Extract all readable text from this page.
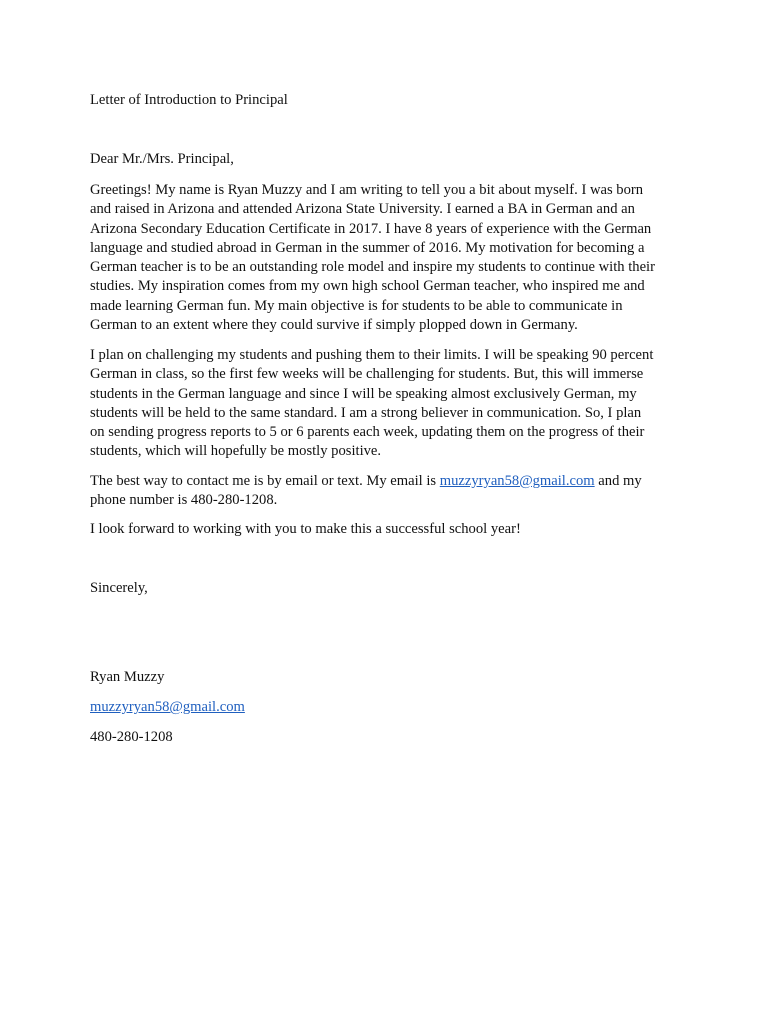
Letter of Introduction to Principal
Dear Mr./Mrs. Principal,
Greetings! My name is Ryan Muzzy and I am writing to tell you a bit about myself. I was born
and raised in Arizona and attended Arizona State University. I earned a BA in German and an
Arizona Secondary Education Certificate in 2017. I have 8 years of experience with the German
language and studied abroad in German in the summer of 2016. My motivation for becoming a
German teacher is to be an outstanding role model and inspire my students to continue with their
studies. My inspiration comes from my own high school German teacher, who inspired me and
made learning German fun. My main objective is for students to be able to communicate in
German to an extent where they could survive if simply plopped down in Germany.
I plan on challenging my students and pushing them to their limits. I will be speaking 90 percent
German in class, so the first few weeks will be challenging for students. But, this will immerse
students in the German language and since I will be speaking almost exclusively German, my
students will be held to the same standard. I am a strong believer in communication. So, I plan
on sending progress reports to 5 or 6 parents each week, updating them on the progress of their
students, which will hopefully be mostly positive.
The best way to contact me is by email or text. My email is muzzyryan58@gmail.com and my
phone number is 480-280-1208.
I look forward to working with you to make this a successful school year!
Sincerely,
Ryan Muzzy
muzzyryan58@gmail.com
480-280-1208
